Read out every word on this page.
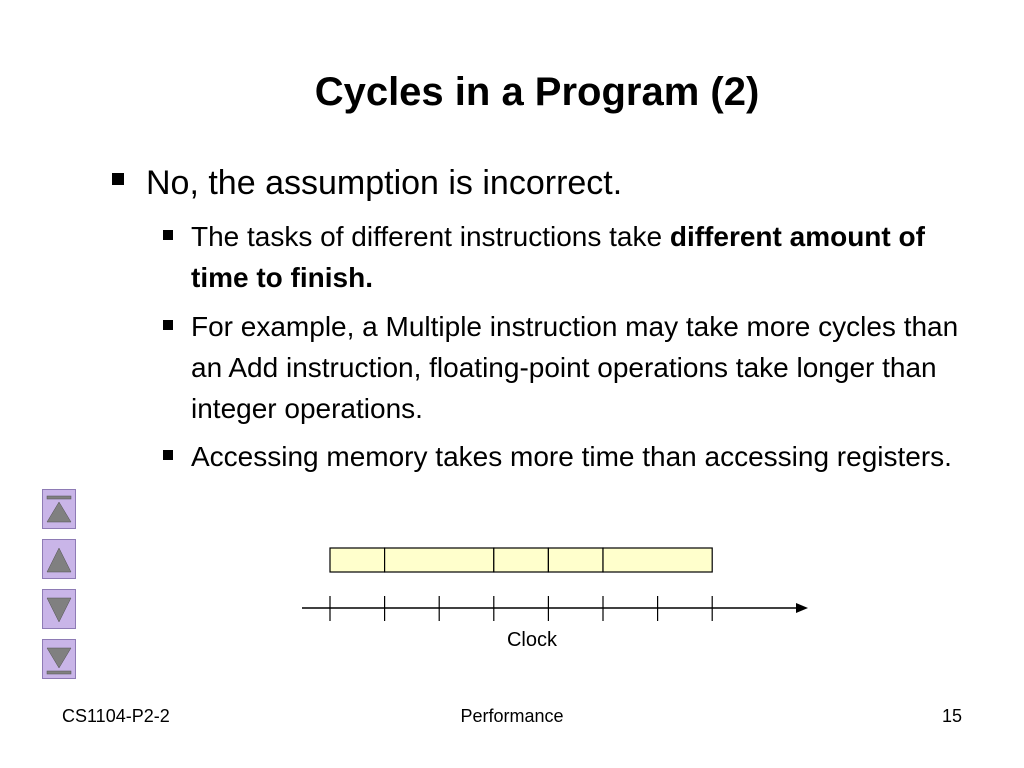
Cycles in a Program (2)
No, the assumption is incorrect.
The tasks of different instructions take different amount of time to finish.
For example, a Multiple instruction may take more cycles than an Add instruction, floating-point operations take longer than integer operations.
Accessing memory takes more time than accessing registers.
Clock
CS1104-P2-2	Performance	15
